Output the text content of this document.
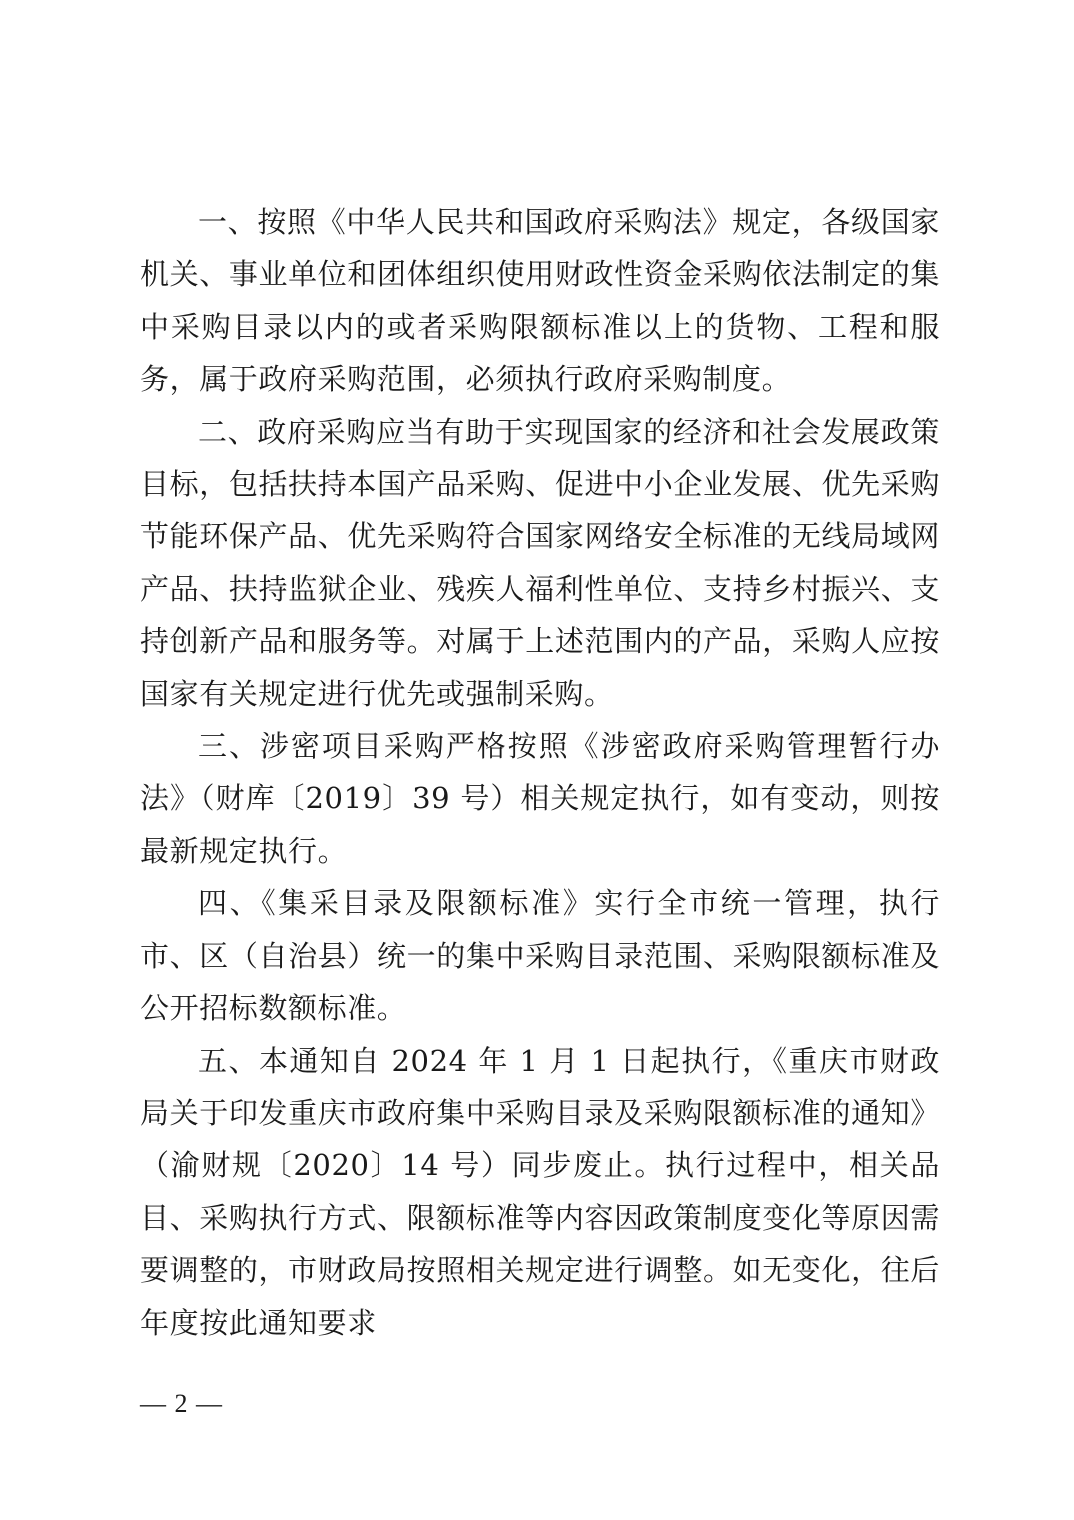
一、按照《中华人民共和国政府采购法》规定，各级国家机关、事业单位和团体组织使用财政性资金采购依法制定的集中采购目录以内的或者采购限额标准以上的货物、工程和服务，属于政府采购范围，必须执行政府采购制度。

二、政府采购应当有助于实现国家的经济和社会发展政策目标，包括扶持本国产品采购、促进中小企业发展、优先采购节能环保产品、优先采购符合国家网络安全标准的无线局域网产品、扶持监狱企业、残疾人福利性单位、支持乡村振兴、支持创新产品和服务等。对属于上述范围内的产品，采购人应按国家有关规定进行优先或强制采购。

三、涉密项目采购严格按照《涉密政府采购管理暂行办法》（财库〔2019〕39 号）相关规定执行，如有变动，则按最新规定执行。

四、《集采目录及限额标准》实行全市统一管理，执行市、区（自治县）统一的集中采购目录范围、采购限额标准及公开招标数额标准。

五、本通知自 2024 年 1 月 1 日起执行，《重庆市财政局关于印发重庆市政府集中采购目录及采购限额标准的通知》（渝财规〔2020〕14 号）同步废止。执行过程中，相关品目、采购执行方式、限额标准等内容因政策制度变化等原因需要调整的，市财政局按照相关规定进行调整。如无变化，往后年度按此通知要求

— 2 —
